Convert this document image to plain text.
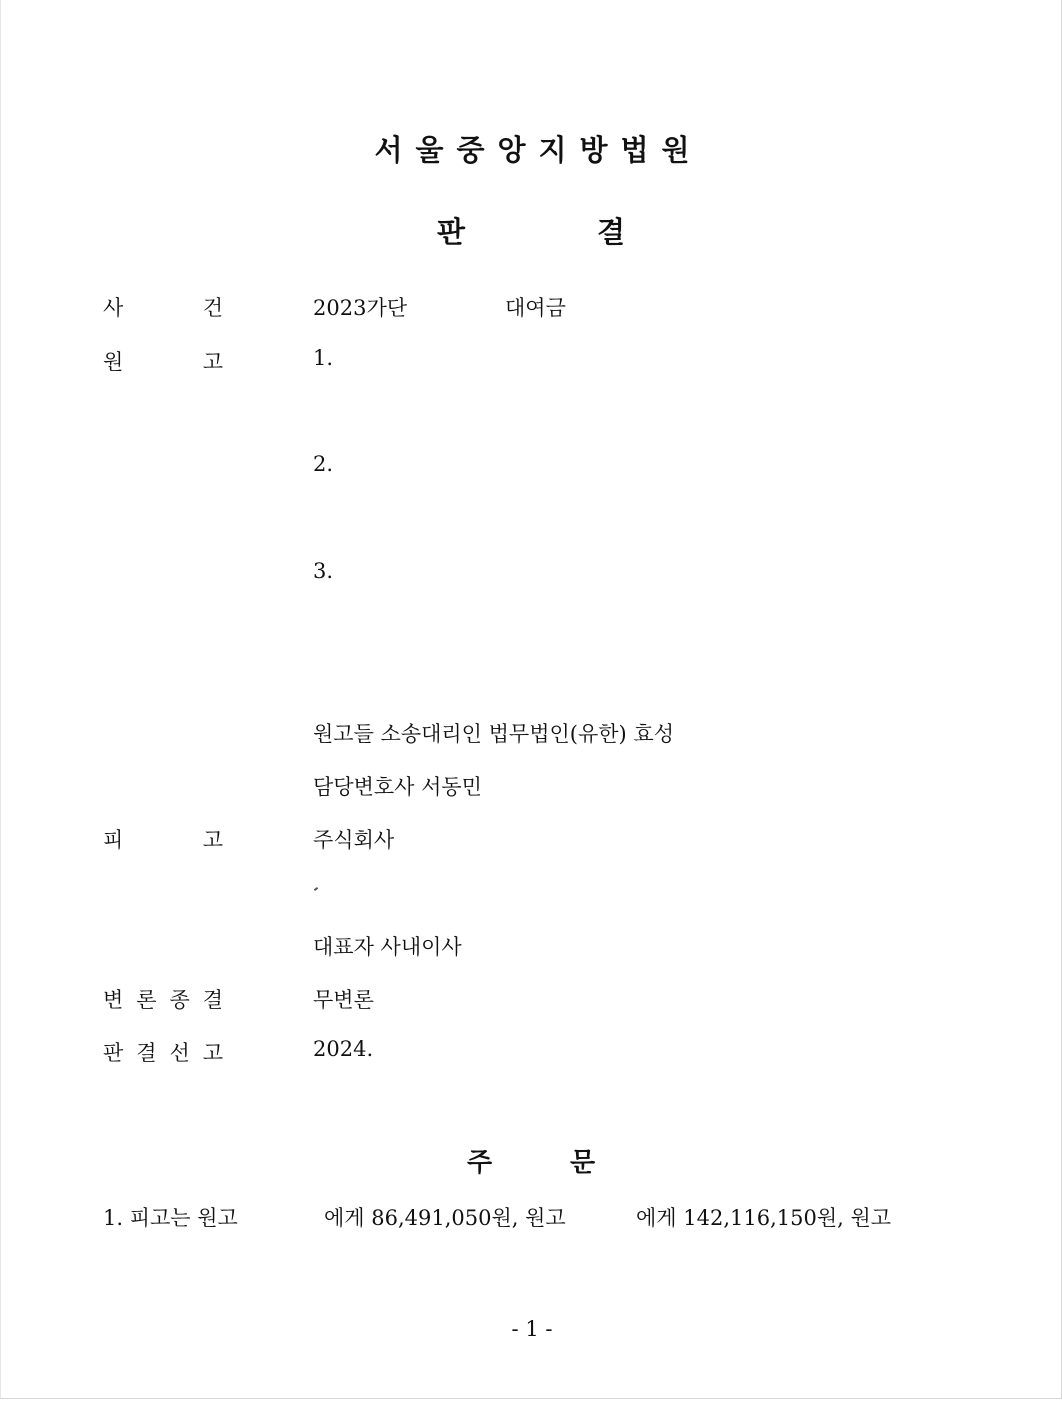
서울중앙지방법원
판	결
사	건	2023가단	대여금
원	고	1.
2.
3.
원고들 소송대리인 법무법인(유한) 효성
담당변호사 서동민
피	고	주식회사
대표자 사내이사
변 론 종 결	무변론
판 결 선 고	2024.
주	문
1. 피고는 원고	에게 86,491,050원, 원고	에게 142,116,150원, 원고
- 1 -
